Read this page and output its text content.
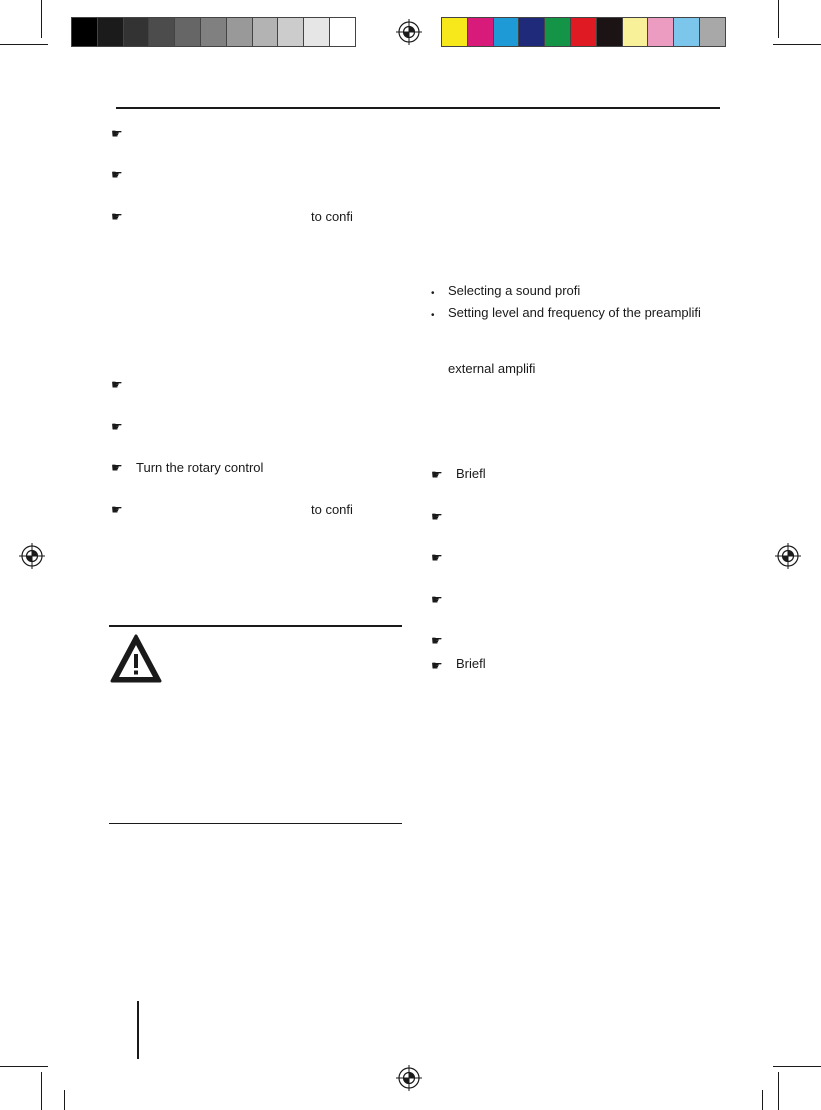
☛
☛
☛	to confi
☛
☛
☛ Turn the rotary control
☛	to confi
• Selecting a sound profi
• Setting level and frequency of the preamplifi
external amplifi
☛ Briefl
☛
☛
☛
☛
☛ Briefl
